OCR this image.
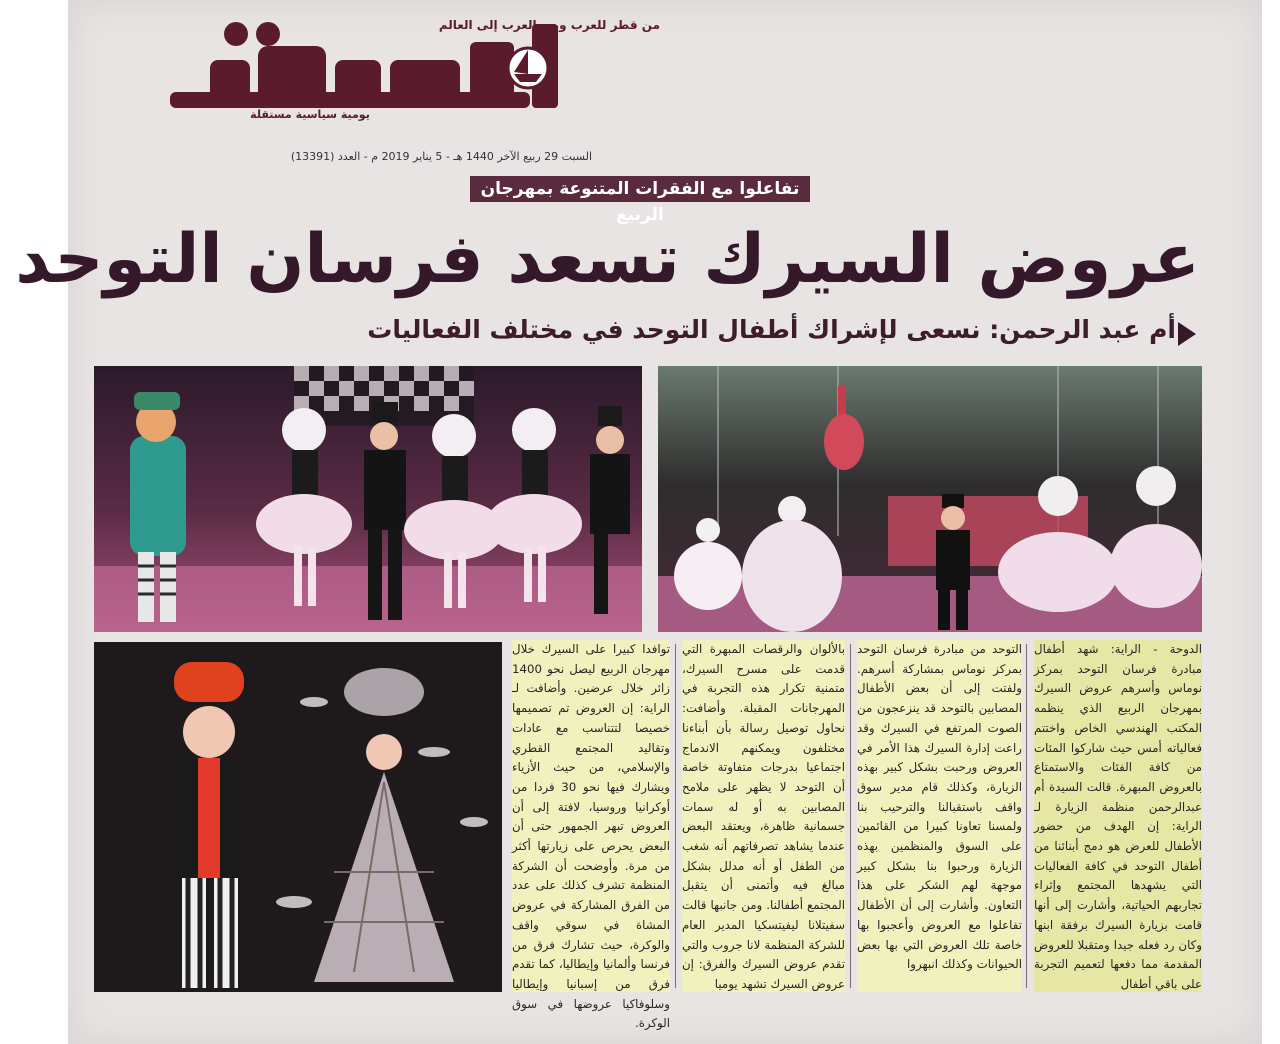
من قطر للعرب ومن العرب إلى العالم
يومية سياسية مستقلة
السبت 29 ربيع الآخر 1440 هـ - 5 يناير 2019 م - العدد (13391)
تفاعلوا مع الفقرات المتنوعة بمهرجان الربيع
عروض السيرك تسعد فرسان التوحد
أم عبد الرحمن: نسعى لإشراك أطفال التوحد في مختلف الفعاليات

الدوحة - الراية: شهد أطفال مبادرة فرسان التوحد بمركز نوماس وأسرهم عروض السيرك بمهرجان الربيع الذي ينظمه المكتب الهندسي الخاص واختتم فعالياته أمس حيث شاركوا المئات من كافة الفئات والاستمتاع بالعروض المبهرة. قالت السيدة أم عبدالرحمن منظمة الزيارة لـ الراية: إن الهدف من حضور الأطفال للعرض هو دمج أبنائنا من أطفال التوحد في كافة الفعاليات التي يشهدها المجتمع وإثراء تجاربهم الحياتية، وأشارت إلى أنها قامت بزيارة السيرك برفقة ابنها وكان رد فعله جيدا ومتقبلا للعروض المقدمة مما دفعها لتعميم التجربة على باقي أطفال

التوحد من مبادرة فرسان التوحد بمركز نوماس بمشاركة أسرهم. ولفتت إلى أن بعض الأطفال المصابين بالتوحد قد ينزعجون من الصوت المرتفع في السيرك وقد راعت إدارة السيرك هذا الأمر في العروض ورحبت بشكل كبير بهذه الزيارة، وكذلك قام مدير سوق واقف باستقبالنا والترحيب بنا ولمسنا تعاونا كبيرا من القائمين على السوق والمنظمين بهذه الزيارة ورحبوا بنا بشكل كبير موجهة لهم الشكر على هذا التعاون. وأشارت إلى أن الأطفال تفاعلوا مع العروض وأعجبوا بها خاصة تلك العروض التي بها بعض الحيوانات وكذلك انبهروا

بالألوان والرقصات المبهرة التي قدمت على مسرح السيرك، متمنية تكرار هذه التجربة في المهرجانات المقبلة. وأضافت: نحاول توصيل رسالة بأن أبناءنا مختلفون ويمكنهم الاندماج اجتماعيا بدرجات متفاوتة خاصة أن التوحد لا يظهر على ملامح المصابين به أو له سمات جسمانية ظاهرة، ويعتقد البعض عندما يشاهد تصرفاتهم أنه شغب من الطفل أو أنه مدلل بشكل مبالغ فيه وأتمنى أن يتقبل المجتمع أطفالنا. ومن جانبها قالت سفيتلانا ليفيتسكيا المدير العام للشركة المنظمة لانا جروب والتي تقدم عروض السيرك والفرق: إن عروض السيرك تشهد يوميا

توافدا كبيرا على السيرك خلال مهرجان الربيع ليصل نحو 1400 زائر خلال عرضين. وأضافت لـ الراية: إن العروض تم تصميمها خصيصا لتتناسب مع عادات وتقاليد المجتمع القطري والإسلامي، من حيث الأزياء ويشارك فيها نحو 30 فردا من أوكرانيا وروسيا، لافتة إلى أن العروض تبهر الجمهور حتى أن البعض يحرص على زيارتها أكثر من مرة. وأوضحت أن الشركة المنظمة تشرف كذلك على عدد من الفرق المشاركة في عروض المشاة في سوقي واقف والوكرة، حيث تشارك فرق من فرنسا وألمانيا وإيطاليا، كما تقدم فرق من إسبانيا وإيطاليا وسلوفاكيا عروضها في سوق الوكرة.
